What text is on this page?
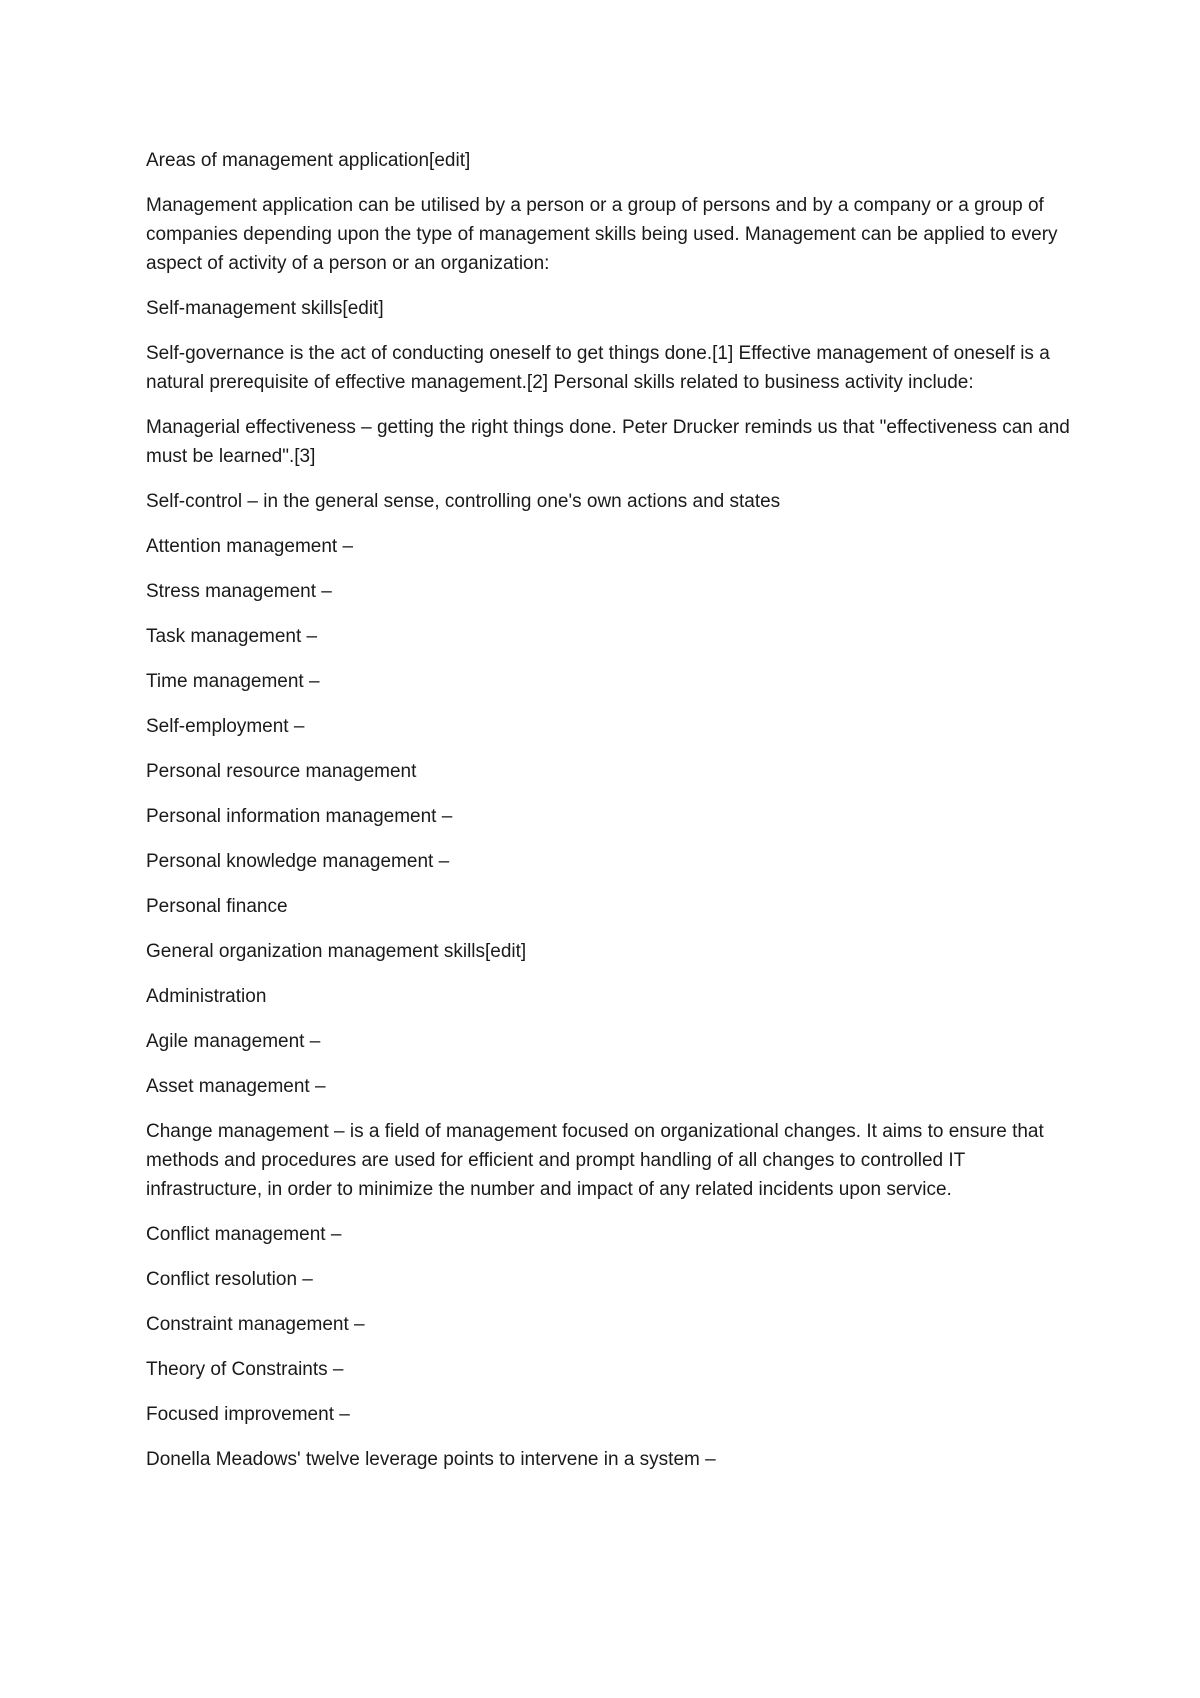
Areas of management application[edit]

Management application can be utilised by a person or a group of persons and by a company or a group of companies depending upon the type of management skills being used. Management can be applied to every aspect of activity of a person or an organization:

Self-management skills[edit]

Self-governance is the act of conducting oneself to get things done.[1] Effective management of oneself is a natural prerequisite of effective management.[2] Personal skills related to business activity include:

Managerial effectiveness – getting the right things done. Peter Drucker reminds us that "effectiveness can and must be learned".[3]

Self-control – in the general sense, controlling one's own actions and states

Attention management –

Stress management –

Task management –

Time management –

Self-employment –

Personal resource management

Personal information management –

Personal knowledge management –

Personal finance

General organization management skills[edit]

Administration

Agile management –

Asset management –

Change management – is a field of management focused on organizational changes. It aims to ensure that methods and procedures are used for efficient and prompt handling of all changes to controlled IT infrastructure, in order to minimize the number and impact of any related incidents upon service.

Conflict management –

Conflict resolution –

Constraint management –

Theory of Constraints –

Focused improvement –

Donella Meadows' twelve leverage points to intervene in a system –
